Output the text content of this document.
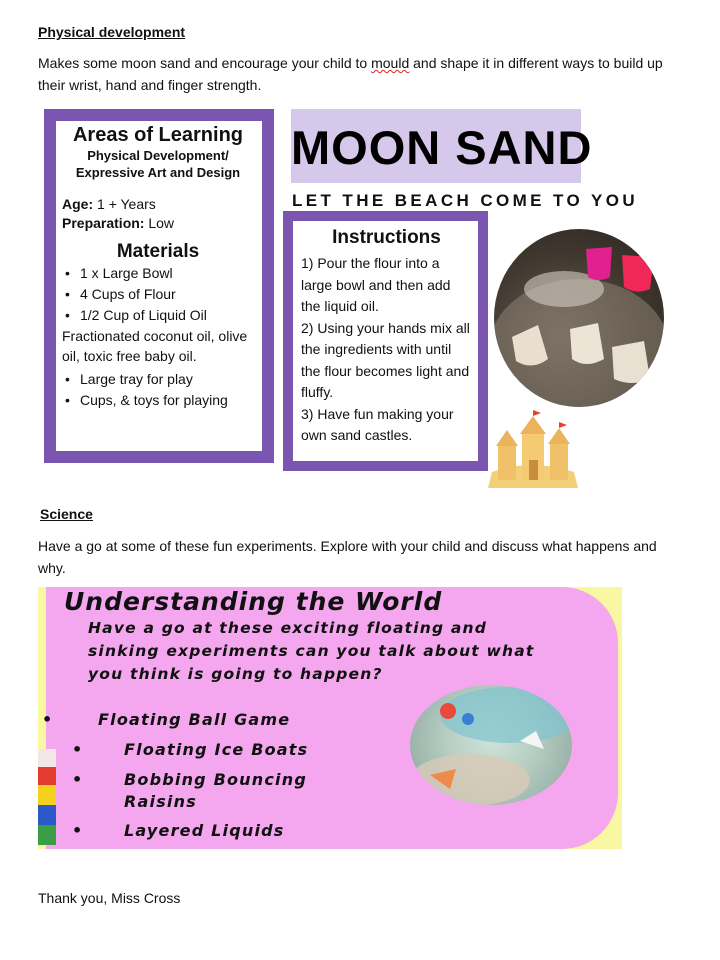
Physical development

Makes some moon sand and encourage your child to mould and shape it in different ways to build up their wrist, hand and finger strength.

Areas of Learning
Physical Development/
Expressive Art and Design
Age: 1 + Years
Preparation: Low
Materials
• 1 x Large Bowl
• 4 Cups of Flour
• 1/2 Cup of Liquid Oil
Fractionated coconut oil, olive oil, toxic free baby oil.
• Large tray for play
• Cups, & toys for playing
MOON SAND
LET THE BEACH COME TO YOU
Instructions
1) Pour the flour into a large bowl and then add the liquid oil.
2) Using your hands mix all the ingredients with until the flour becomes light and fluffy.
3) Have fun making your own sand castles.
Science

Have a go at some of these fun experiments. Explore with your child and discuss what happens and why.

Understanding the World
Have a go at these exciting floating and sinking experiments can you talk about what you think is going to happen?
•	Floating Ball Game
•	Floating Ice Boats
•	Bobbing Bouncing Raisins
•	Layered Liquids
Thank you, Miss Cross
